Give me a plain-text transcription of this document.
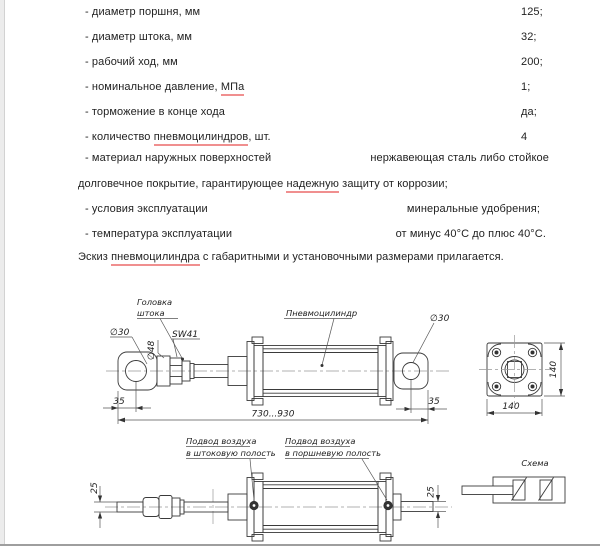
- диаметр поршня, мм	125;
- диаметр штока, мм	32;
- рабочий ход, мм	200;
- номинальное давление, МПа	1;
- торможение в конце хода	да;
- количество пневмоцилиндров, шт.	4
- материал наружных поверхностей	нержавеющая сталь либо стойкое
долговечное покрытие, гарантирующее надежную защиту от коррозии;
- условия эксплуатации	минеральные удобрения;
- температура эксплуатации	от минус 40°С до плюс 40°С.
Эскиз пневмоцилиндра с габаритными и установочными размерами прилагается.
Головка
штока
∅30
∅48
SW41
Пневмоцилиндр
∅30
35
730...930
35
140
140
Подвод воздуха
в штоковую полость
Подвод воздуха
в поршневую полость
25	25
Схема
